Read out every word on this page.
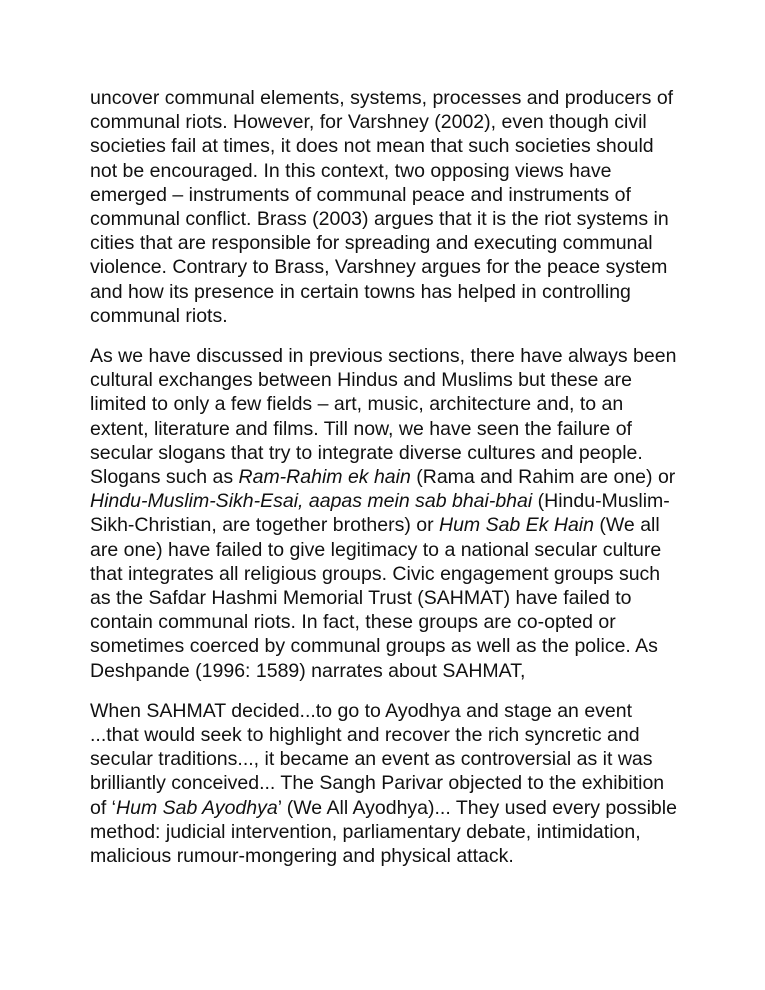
uncover communal elements, systems, processes and producers of communal riots. However, for Varshney (2002), even though civil societies fail at times, it does not mean that such societies should not be encouraged. In this context, two opposing views have emerged – instruments of communal peace and instruments of communal conflict. Brass (2003) argues that it is the riot systems in cities that are responsible for spreading and executing communal violence. Contrary to Brass, Varshney argues for the peace system and how its presence in certain towns has helped in controlling communal riots.

As we have discussed in previous sections, there have always been cultural exchanges between Hindus and Muslims but these are limited to only a few fields – art, music, architecture and, to an extent, literature and films. Till now, we have seen the failure of secular slogans that try to integrate diverse cultures and people. Slogans such as Ram-Rahim ek hain (Rama and Rahim are one) or Hindu-Muslim-Sikh-Esai, aapas mein sab bhai-bhai (Hindu-Muslim-Sikh-Christian, are together brothers) or Hum Sab Ek Hain (We all are one) have failed to give legitimacy to a national secular culture that integrates all religious groups. Civic engagement groups such as the Safdar Hashmi Memorial Trust (SAHMAT) have failed to contain communal riots. In fact, these groups are co-opted or sometimes coerced by communal groups as well as the police. As Deshpande (1996: 1589) narrates about SAHMAT,

When SAHMAT decided...to go to Ayodhya and stage an event ...that would seek to highlight and recover the rich syncretic and secular traditions..., it became an event as controversial as it was brilliantly conceived... The Sangh Parivar objected to the exhibition of ‘Hum Sab Ayodhya’ (We All Ayodhya)... They used every possible method: judicial intervention, parliamentary debate, intimidation, malicious rumour-mongering and physical attack.
